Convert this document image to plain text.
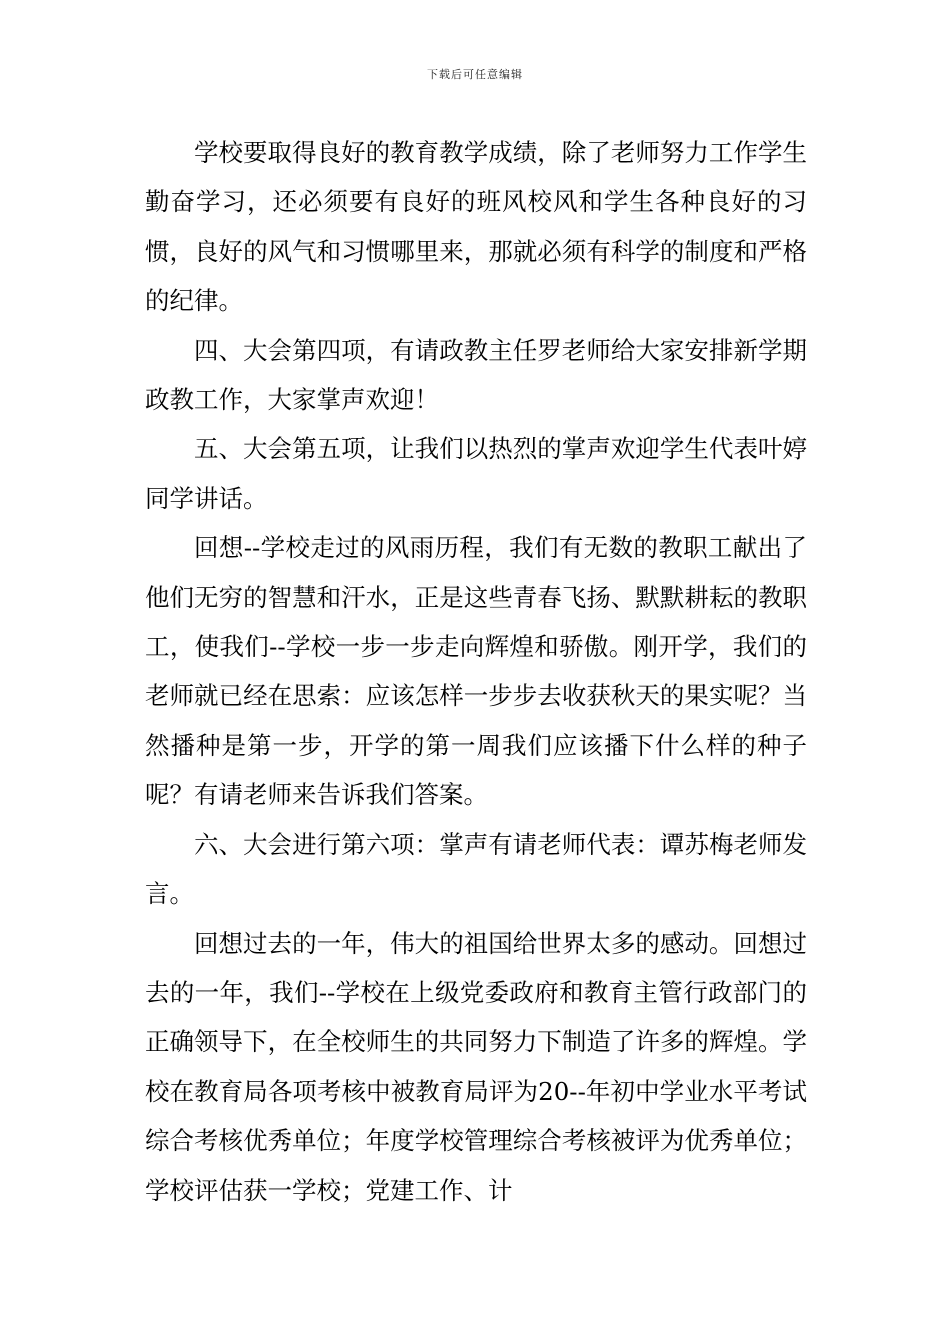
下载后可任意编辑

学校要取得良好的教育教学成绩，除了老师努力工作学生勤奋学习，还必须要有良好的班风校风和学生各种良好的习惯，良好的风气和习惯哪里来，那就必须有科学的制度和严格的纪律。

四、大会第四项，有请政教主任罗老师给大家安排新学期政教工作，大家掌声欢迎！

五、大会第五项，让我们以热烈的掌声欢迎学生代表叶婷同学讲话。

回想--学校走过的风雨历程，我们有无数的教职工献出了他们无穷的智慧和汗水，正是这些青春飞扬、默默耕耘的教职工，使我们--学校一步一步走向辉煌和骄傲。刚开学，我们的老师就已经在思索：应该怎样一步步去收获秋天的果实呢？当然播种是第一步，开学的第一周我们应该播下什么样的种子呢？有请老师来告诉我们答案。

六、大会进行第六项：掌声有请老师代表：谭苏梅老师发言。

回想过去的一年，伟大的祖国给世界太多的感动。回想过去的一年，我们--学校在上级党委政府和教育主管行政部门的正确领导下，在全校师生的共同努力下制造了许多的辉煌。学校在教育局各项考核中被教育局评为20--年初中学业水平考试综合考核优秀单位；年度学校管理综合考核被评为优秀单位；学校评估获一学校；党建工作、计
